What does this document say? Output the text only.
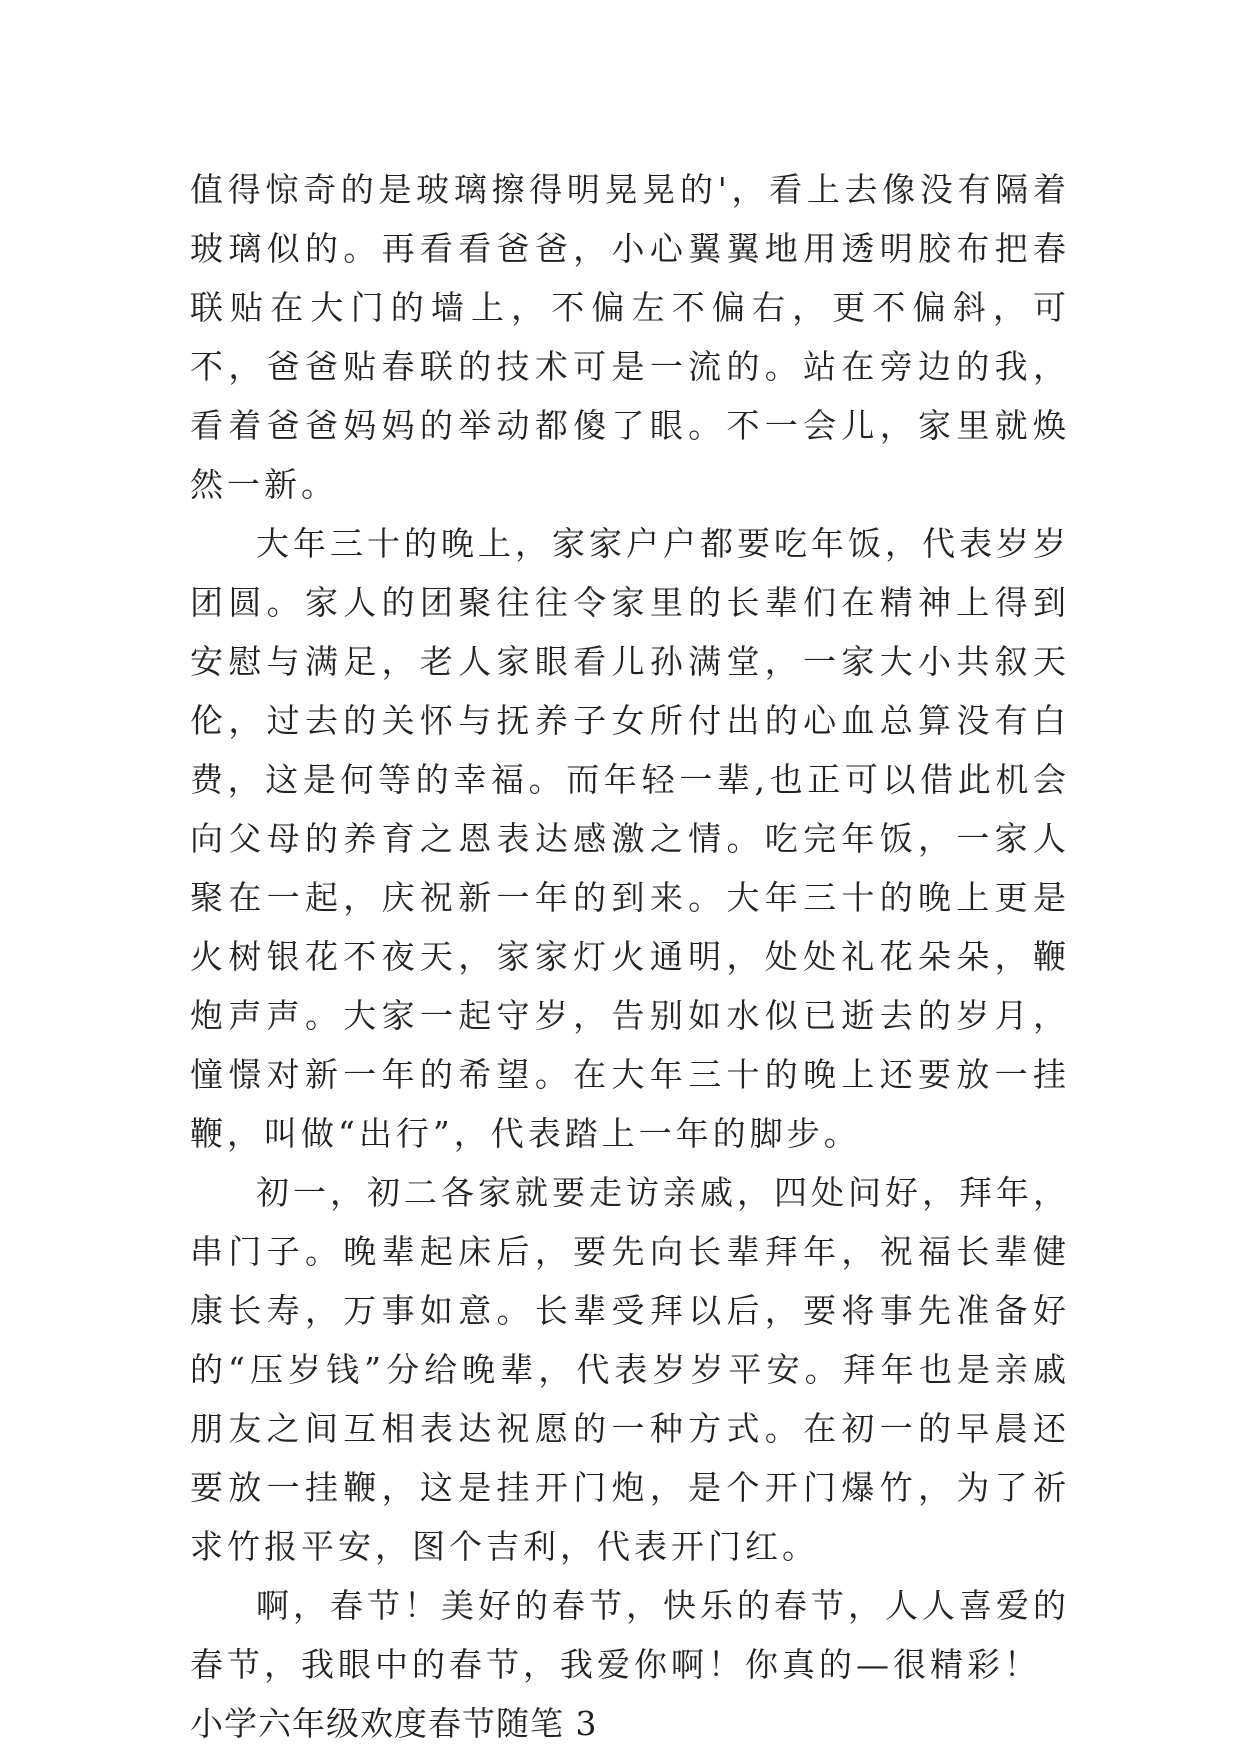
值得惊奇的是玻璃擦得明晃晃的'，看上去像没有隔着玻璃似的。再看看爸爸，小心翼翼地用透明胶布把春联贴在大门的墙上，不偏左不偏右，更不偏斜，可不，爸爸贴春联的技术可是一流的。站在旁边的我，看着爸爸妈妈的举动都傻了眼。不一会儿，家里就焕然一新。

大年三十的晚上，家家户户都要吃年饭，代表岁岁团圆。家人的团聚往往令家里的长辈们在精神上得到安慰与满足，老人家眼看儿孙满堂，一家大小共叙天伦，过去的关怀与抚养子女所付出的心血总算没有白费，这是何等的幸福。而年轻一辈,也正可以借此机会向父母的养育之恩表达感激之情。吃完年饭，一家人聚在一起，庆祝新一年的到来。大年三十的晚上更是火树银花不夜天，家家灯火通明，处处礼花朵朵，鞭炮声声。大家一起守岁，告别如水似已逝去的岁月，憧憬对新一年的希望。在大年三十的晚上还要放一挂鞭，叫做“出行”，代表踏上一年的脚步。

初一，初二各家就要走访亲戚，四处问好，拜年，串门子。晚辈起床后，要先向长辈拜年，祝福长辈健康长寿，万事如意。长辈受拜以后，要将事先准备好的“压岁钱”分给晚辈，代表岁岁平安。拜年也是亲戚朋友之间互相表达祝愿的一种方式。在初一的早晨还要放一挂鞭，这是挂开门炮，是个开门爆竹，为了祈求竹报平安，图个吉利，代表开门红。

啊，春节！美好的春节，快乐的春节，人人喜爱的春节，我眼中的春节，我爱你啊！你真的—很精彩！

小学六年级欢度春节随笔 3
